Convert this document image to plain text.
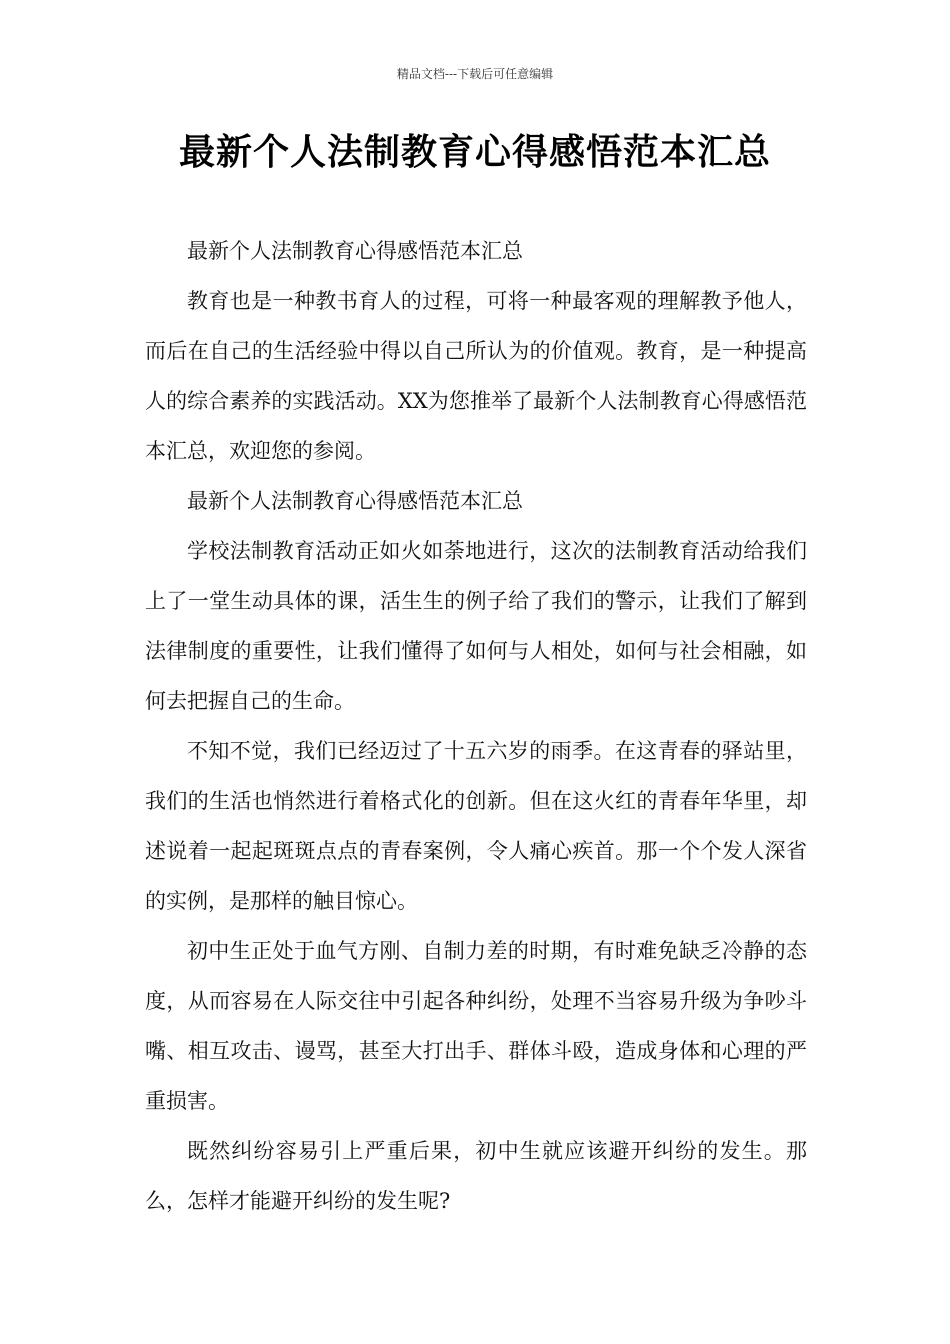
精品文档---下载后可任意编辑
最新个人法制教育心得感悟范本汇总

最新个人法制教育心得感悟范本汇总

教育也是一种教书育人的过程，可将一种最客观的理解教予他人，而后在自己的生活经验中得以自己所认为的价值观。教育，是一种提高人的综合素养的实践活动。XX为您推举了最新个人法制教育心得感悟范本汇总，欢迎您的参阅。

最新个人法制教育心得感悟范本汇总

学校法制教育活动正如火如荼地进行，这次的法制教育活动给我们上了一堂生动具体的课，活生生的例子给了我们的警示，让我们了解到法律制度的重要性，让我们懂得了如何与人相处，如何与社会相融，如何去把握自己的生命。

不知不觉，我们已经迈过了十五六岁的雨季。在这青春的驿站里，我们的生活也悄然进行着格式化的创新。但在这火红的青春年华里，却述说着一起起斑斑点点的青春案例，令人痛心疾首。那一个个发人深省的实例，是那样的触目惊心。

初中生正处于血气方刚、自制力差的时期，有时难免缺乏冷静的态度，从而容易在人际交往中引起各种纠纷，处理不当容易升级为争吵斗嘴、相互攻击、谩骂，甚至大打出手、群体斗殴，造成身体和心理的严重损害。

既然纠纷容易引上严重后果，初中生就应该避开纠纷的发生。那么，怎样才能避开纠纷的发生呢?
